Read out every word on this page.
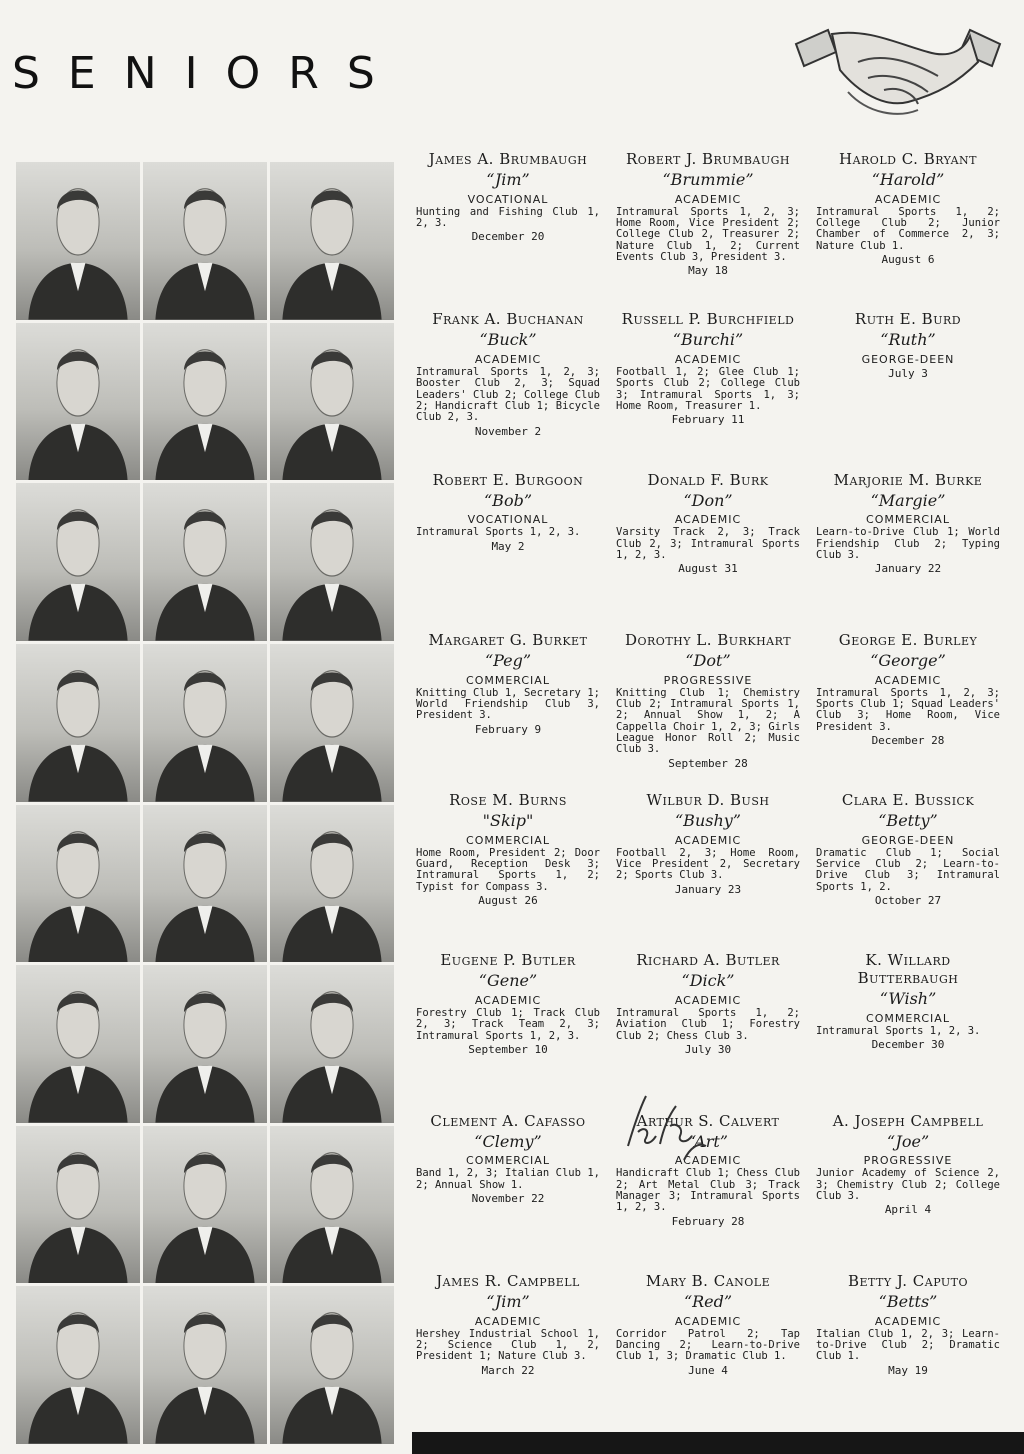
SENIORS
James A. Brumbaugh
“Jim”
VOCATIONAL
Hunting and Fishing Club 1, 2, 3.
December 20
Robert J. Brumbaugh
“Brummie”
ACADEMIC
Intramural Sports 1, 2, 3; Home Room, Vice President 2; College Club 2, Treasurer 2; Nature Club 1, 2; Current Events Club 3, President 3.
May 18
Harold C. Bryant
“Harold”
ACADEMIC
Intramural Sports 1, 2; College Club 2; Junior Chamber of Commerce 2, 3; Nature Club 1.
August 6
Frank A. Buchanan
“Buck”
ACADEMIC
Intramural Sports 1, 2, 3; Booster Club 2, 3; Squad Leaders' Club 2; College Club 2; Handicraft Club 1; Bicycle Club 2, 3.
November 2
Russell P. Burchfield
“Burchi”
ACADEMIC
Football 1, 2; Glee Club 1; Sports Club 2; College Club 3; Intramural Sports 1, 3; Home Room, Treasurer 1.
February 11
Ruth E. Burd
“Ruth”
GEORGE-DEEN
July 3
Robert E. Burgoon
“Bob”
VOCATIONAL
Intramural Sports 1, 2, 3.
May 2
Donald F. Burk
“Don”
ACADEMIC
Varsity Track 2, 3; Track Club 2, 3; Intramural Sports 1, 2, 3.
August 31
Marjorie M. Burke
“Margie”
COMMERCIAL
Learn-to-Drive Club 1; World Friendship Club 2; Typing Club 3.
January 22
Margaret G. Burket
“Peg”
COMMERCIAL
Knitting Club 1, Secretary 1; World Friendship Club 3, President 3.
February 9
Dorothy L. Burkhart
“Dot”
PROGRESSIVE
Knitting Club 1; Chemistry Club 2; Intramural Sports 1, 2; Annual Show 1, 2; A Cappella Choir 1, 2, 3; Girls League Honor Roll 2; Music Club 3.
September 28
George E. Burley
“George”
ACADEMIC
Intramural Sports 1, 2, 3; Sports Club 1; Squad Leaders' Club 3; Home Room, Vice President 3.
December 28
Rose M. Burns
"Skip"
COMMERCIAL
Home Room, President 2; Door Guard, Reception Desk 3; Intramural Sports 1, 2; Typist for Compass 3.
August 26
Wilbur D. Bush
“Bushy”
ACADEMIC
Football 2, 3; Home Room, Vice President 2, Secretary 2; Sports Club 3.
January 23
Clara E. Bussick
“Betty”
GEORGE-DEEN
Dramatic Club 1; Social Service Club 2; Learn-to-Drive Club 3; Intramural Sports 1, 2.
October 27
Eugene P. Butler
“Gene”
ACADEMIC
Forestry Club 1; Track Club 2, 3; Track Team 2, 3; Intramural Sports 1, 2, 3.
September 10
Richard A. Butler
“Dick”
ACADEMIC
Intramural Sports 1, 2; Aviation Club 1; Forestry Club 2; Chess Club 3.
July 30
K. Willard Butterbaugh
“Wish”
COMMERCIAL
Intramural Sports 1, 2, 3.
December 30
Clement A. Cafasso
“Clemy”
COMMERCIAL
Band 1, 2, 3; Italian Club 1, 2; Annual Show 1.
November 22
Arthur S. Calvert
“Art”
ACADEMIC
Handicraft Club 1; Chess Club 2; Art Metal Club 3; Track Manager 3; Intramural Sports 1, 2, 3.
February 28
A. Joseph Campbell
“Joe”
PROGRESSIVE
Junior Academy of Science 2, 3; Chemistry Club 2; College Club 3.
April 4
James R. Campbell
“Jim”
ACADEMIC
Hershey Industrial School 1, 2; Science Club 1, 2, President 1; Nature Club 3.
March 22
Mary B. Canole
“Red”
ACADEMIC
Corridor Patrol 2; Tap Dancing 2; Learn-to-Drive Club 1, 3; Dramatic Club 1.
June 4
Betty J. Caputo
“Betts”
ACADEMIC
Italian Club 1, 2, 3; Learn-to-Drive Club 2; Dramatic Club 1.
May 19
